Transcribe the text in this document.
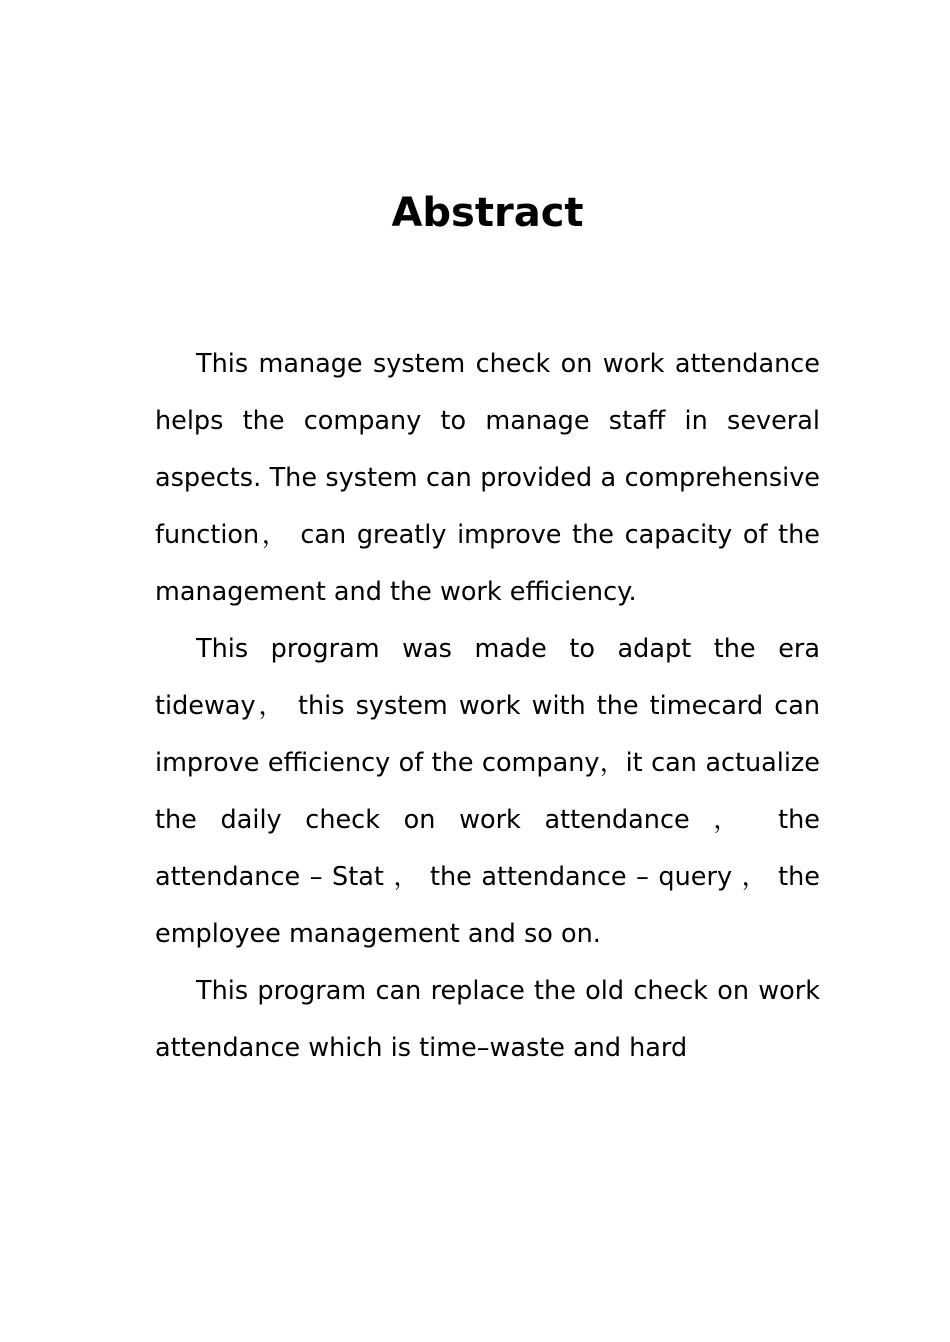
Abstract

This manage system check on work attendance helps the company to manage staff in several aspects. The system can provided a comprehensive function， can greatly improve the capacity of the management and the work efficiency.

This program was made to adapt the era tideway， this system work with the timecard can improve efficiency of the company，it can actualize the daily check on work attendance ， the attendance – Stat ， the attendance – query ， the employee management and so on.

This program can replace the old check on work attendance which is time–waste and hard
